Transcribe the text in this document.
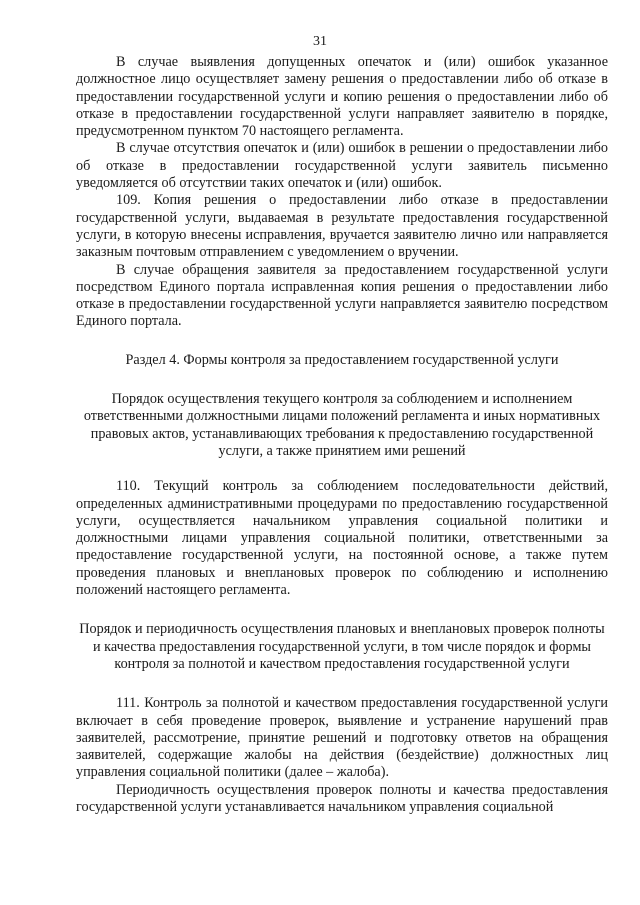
31

В случае выявления допущенных опечаток и (или) ошибок указанное должностное лицо осуществляет замену решения о предоставлении либо об отказе в предоставлении государственной услуги и копию решения о предоставлении либо об отказе в предоставлении государственной услуги направляет заявителю в порядке, предусмотренном пунктом 70 настоящего регламента.

В случае отсутствия опечаток и (или) ошибок в решении о предоставлении либо об отказе в предоставлении государственной услуги заявитель письменно уведомляется об отсутствии таких опечаток и (или) ошибок.

109. Копия решения о предоставлении либо отказе в предоставлении государственной услуги, выдаваемая в результате предоставления государственной услуги, в которую внесены исправления, вручается заявителю лично или направляется заказным почтовым отправлением с уведомлением о вручении.

В случае обращения заявителя за предоставлением государственной услуги посредством Единого портала исправленная копия решения о предоставлении либо отказе в предоставлении государственной услуги направляется заявителю посредством Единого портала.

Раздел 4. Формы контроля за предоставлением государственной услуги

Порядок осуществления текущего контроля за соблюдением и исполнением ответственными должностными лицами положений регламента и иных нормативных правовых актов, устанавливающих требования к предоставлению государственной услуги, а также принятием ими решений

110. Текущий контроль за соблюдением последовательности действий, определенных административными процедурами по предоставлению государственной услуги, осуществляется начальником управления социальной политики и должностными лицами управления социальной политики, ответственными за предоставление государственной услуги, на постоянной основе, а также путем проведения плановых и внеплановых проверок по соблюдению и исполнению положений настоящего регламента.

Порядок и периодичность осуществления плановых и внеплановых проверок полноты и качества предоставления государственной услуги, в том числе порядок и формы контроля за полнотой и качеством предоставления государственной услуги

111. Контроль за полнотой и качеством предоставления государственной услуги включает в себя проведение проверок, выявление и устранение нарушений прав заявителей, рассмотрение, принятие решений и подготовку ответов на обращения заявителей, содержащие жалобы на действия (бездействие) должностных лиц управления социальной политики (далее – жалоба).

Периодичность осуществления проверок полноты и качества предоставления государственной услуги устанавливается начальником управления социальной
